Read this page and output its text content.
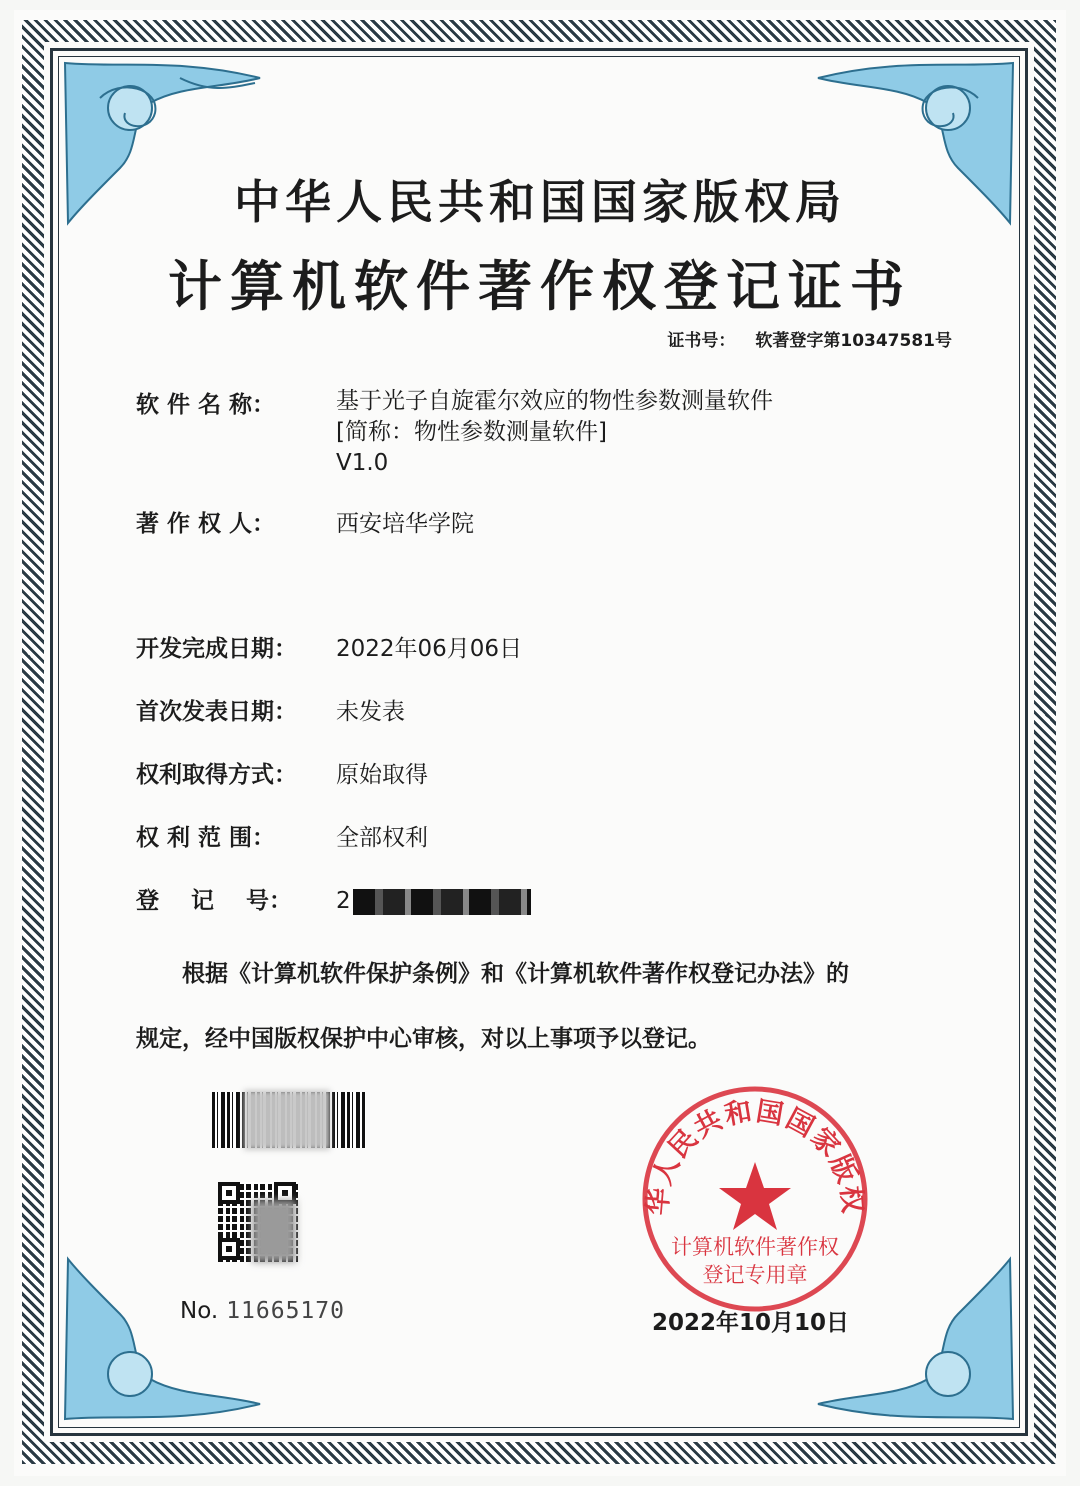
中华人民共和国国家版权局
计算机软件著作权登记证书
证书号： 软著登字第10347581号
软 件 名 称：	基于光子自旋霍尔效应的物性参数测量软件
[简称：物性参数测量软件]
V1.0
著 作 权 人：	西安培华学院
开发完成日期： 2022年06月06日
首次发表日期： 未发表
权利取得方式： 原始取得
权 利 范 围：	全部权利
登    记    号： 2
根据《计算机软件保护条例》和《计算机软件著作权登记办法》的
规定，经中国版权保护中心审核，对以上事项予以登记。
No. 11665170
华人民共和国国家版权
计算机软件著作权
登记专用章
2022年10月10日
